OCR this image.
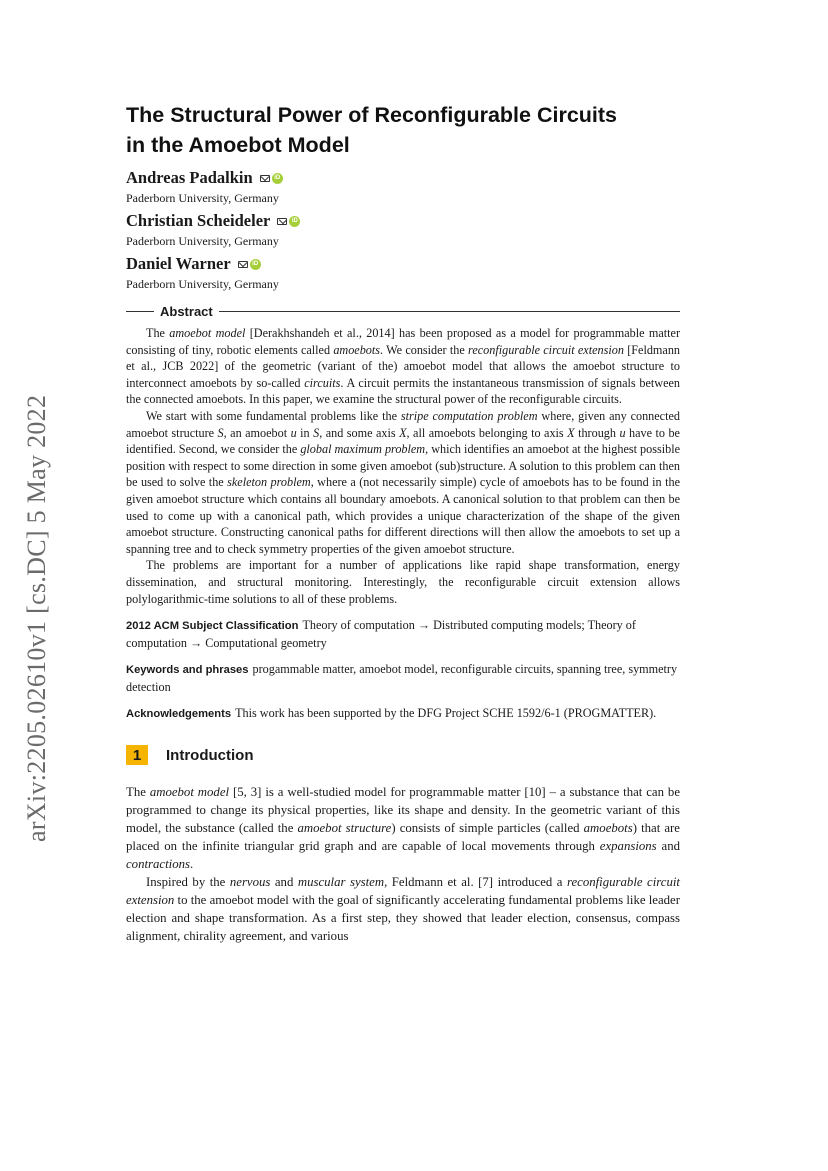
arXiv:2205.02610v1 [cs.DC] 5 May 2022
The Structural Power of Reconfigurable Circuits
in the Amoebot Model
Andreas Padalkin	iD
Paderborn University, Germany
Christian Scheideler	iD
Paderborn University, Germany
Daniel Warner	iD
Paderborn University, Germany
Abstract

The amoebot model [Derakhshandeh et al., 2014] has been proposed as a model for programmable matter consisting of tiny, robotic elements called amoebots. We consider the reconfigurable circuit extension [Feldmann et al., JCB 2022] of the geometric (variant of the) amoebot model that allows the amoebot structure to interconnect amoebots by so-called circuits. A circuit permits the instantaneous transmission of signals between the connected amoebots. In this paper, we examine the structural power of the reconfigurable circuits.

We start with some fundamental problems like the stripe computation problem where, given any connected amoebot structure S, an amoebot u in S, and some axis X, all amoebots belonging to axis X through u have to be identified. Second, we consider the global maximum problem, which identifies an amoebot at the highest possible position with respect to some direction in some given amoebot (sub)structure. A solution to this problem can then be used to solve the skeleton problem, where a (not necessarily simple) cycle of amoebots has to be found in the given amoebot structure which contains all boundary amoebots. A canonical solution to that problem can then be used to come up with a canonical path, which provides a unique characterization of the shape of the given amoebot structure. Constructing canonical paths for different directions will then allow the amoebots to set up a spanning tree and to check symmetry properties of the given amoebot structure.

The problems are important for a number of applications like rapid shape transformation, energy dissemination, and structural monitoring. Interestingly, the reconfigurable circuit extension allows polylogarithmic-time solutions to all of these problems.

2012 ACM Subject Classification Theory of computation → Distributed computing models; Theory of computation → Computational geometry
Keywords and phrases progammable matter, amoebot model, reconfigurable circuits, spanning tree, symmetry detection
Acknowledgements This work has been supported by the DFG Project SCHE 1592/6-1 (PROGMATTER).
1	Introduction

The amoebot model [5, 3] is a well-studied model for programmable matter [10] – a substance that can be programmed to change its physical properties, like its shape and density. In the geometric variant of this model, the substance (called the amoebot structure) consists of simple particles (called amoebots) that are placed on the infinite triangular grid graph and are capable of local movements through expansions and contractions.

Inspired by the nervous and muscular system, Feldmann et al. [7] introduced a reconfigurable circuit extension to the amoebot model with the goal of significantly accelerating fundamental problems like leader election and shape transformation. As a first step, they showed that leader election, consensus, compass alignment, chirality agreement, and various
